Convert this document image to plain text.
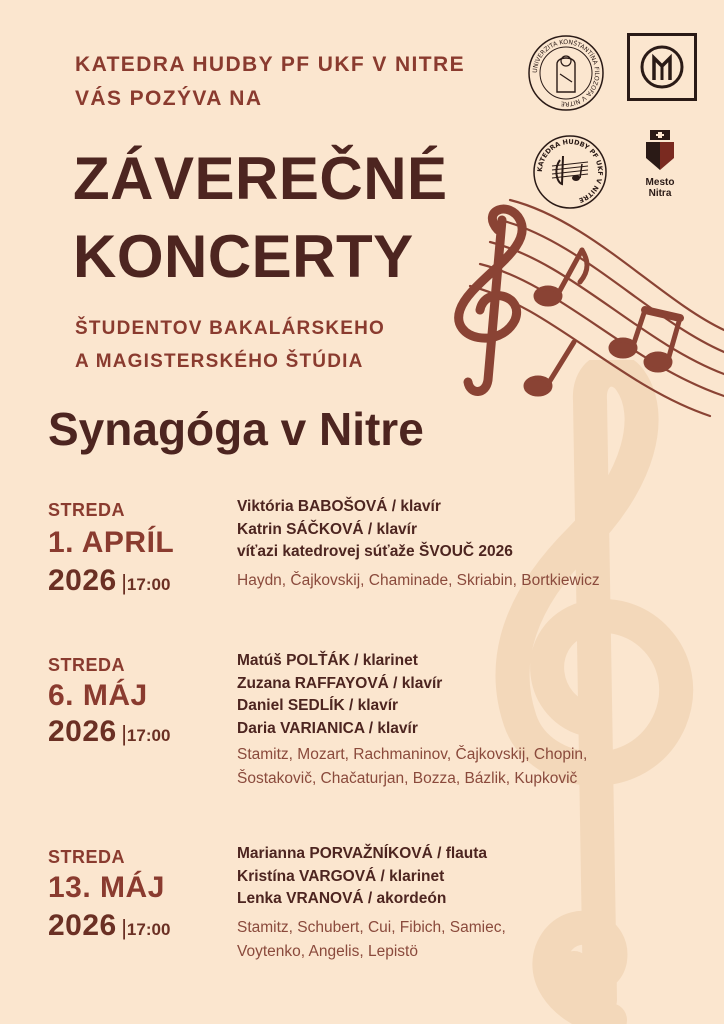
KATEDRA HUDBY PF UKF V NITRE
VÁS POZÝVA NA
ZÁVEREČNÉ
KONCERTY
ŠTUDENTOV BAKALÁRSKEHO
A MAGISTERSKÉHO ŠTÚDIA
Synagóga v Nitre
UNIVERZITA KONŠTANTÍNA FILOZOFA V NITRE
KATEDRA HUDBY PF UKF V NITRE
Mesto
Nitra
STREDA
1. APRÍL
2026 |17:00
Viktória BABOŠOVÁ / klavír
Katrin SÁČKOVÁ / klavír
víťazi katedrovej súťaže ŠVOUČ 2026
Haydn, Čajkovskij, Chaminade, Skriabin, Bortkiewicz
STREDA
6. MÁJ
2026 |17:00
Matúš POLŤÁK / klarinet
Zuzana RAFFAYOVÁ / klavír
Daniel SEDLÍK / klavír
Daria VARIANICA / klavír
Stamitz, Mozart, Rachmaninov, Čajkovskij, Chopin,
Šostakovič, Chačaturjan, Bozza, Bázlik, Kupkovič
STREDA
13. MÁJ
2026 |17:00
Marianna PORVAŽNÍKOVÁ / flauta
Kristína VARGOVÁ / klarinet
Lenka VRANOVÁ / akordeón
Stamitz, Schubert, Cui, Fibich, Samiec,
Voytenko, Angelis, Lepistö
